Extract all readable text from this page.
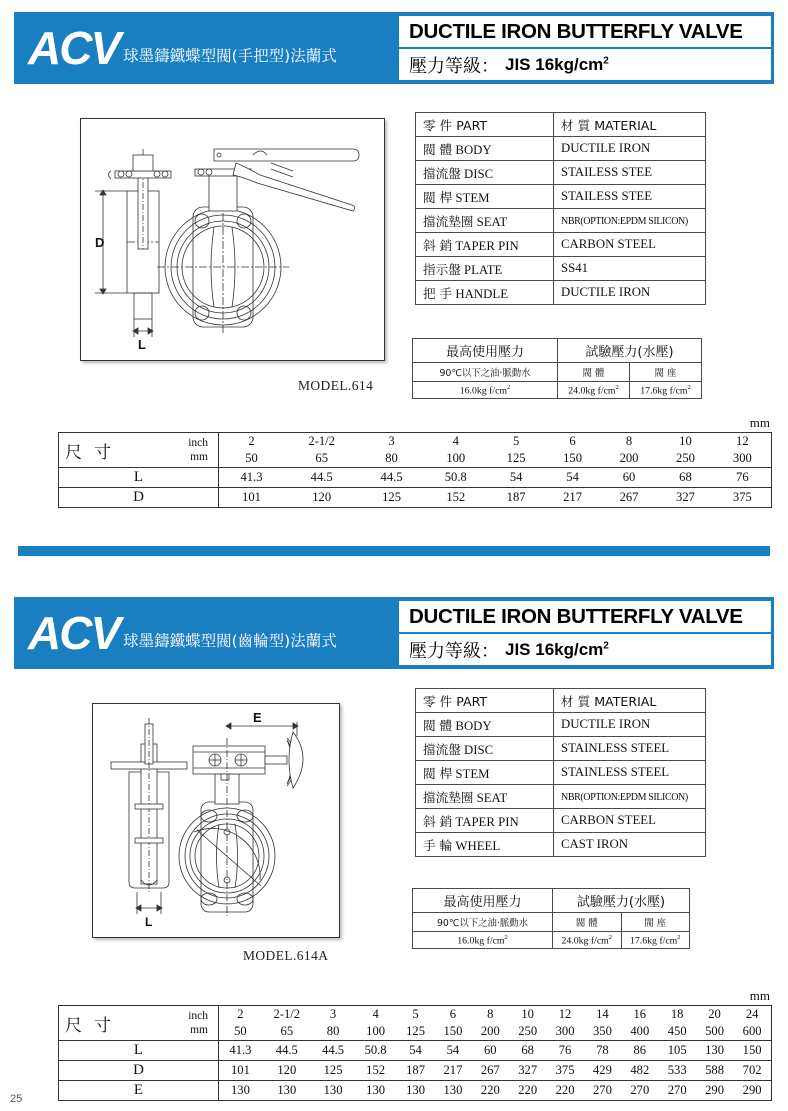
ACV 球墨鑄鐵蝶型閥(手把型)法蘭式
DUCTILE IRON BUTTERFLY VALVE
壓力等級： JIS $16kg/cm^2$
D
L
MODEL.614
零 件 PART	材 質 MATERIAL
閥 體 BODY	DUCTILE IRON
擋流盤 DISC	STAILESS STEE
閥 桿 STEM	STAILESS STEE
擋流墊圈 SEAT	NBR(OPTION:EPDM SILICON)
斜 銷 TAPER PIN	CARBON STEEL
指示盤 PLATE	SS41
把 手 HANDLE	DUCTILE IRON
最高使用壓力	試驗壓力(水壓)	
90℃以下之油‧脈動水	閥 體	閥 座
16.0kg $f/cm^2$	24.0kg $f/cm^2$	17.6kg $f/cm^2$
mm
尺寸 inch
mm	2	2-1/2	3	4	5	6	8	10	12
	50	65	80	100	125	150	200	250	300
L	41.3	44.5	44.5	50.8	54	54	60	68	76
D	101	120	125	152	187	217	267	327	375
ACV 球墨鑄鐵蝶型閥(齒輪型)法蘭式
DUCTILE IRON BUTTERFLY VALVE
壓力等級： JIS $16kg/cm^2$
L
E
MODEL.614A
零 件 PART	材 質 MATERIAL
閥 體 BODY	DUCTILE IRON
擋流盤 DISC	STAINLESS STEEL
閥 桿 STEM	STAINLESS STEEL
擋流墊圈 SEAT	NBR(OPTION:EPDM SILICON)
斜 銷 TAPER PIN	CARBON STEEL
手 輪 WHEEL	CAST IRON
最高使用壓力	試驗壓力(水壓)	
90℃以下之油‧脈動水	閥 體	閥 座
16.0kg $f/cm^2$	24.0kg $f/cm^2$	17.6kg $f/cm^2$
mm
尺寸 inch
mm	2	2-1/2	3	4	5	6	8	10	12	14	16	18	20	24
	50	65	80	100	125	150	200	250	300	350	400	450	500	600
L	41.3	44.5	44.5	50.8	54	54	60	68	76	78	86	105	130	150
D	101	120	125	152	187	217	267	327	375	429	482	533	588	702
E	130	130	130	130	130	130	220	220	220	270	270	270	290	290
25
